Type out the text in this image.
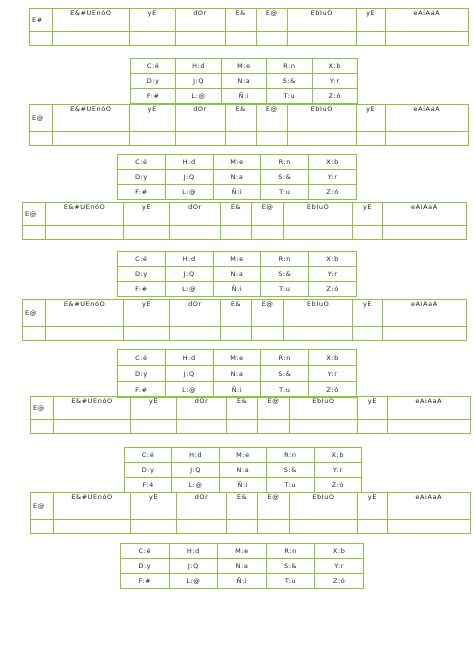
E#	E&#UEnóO	yE	dOr	E&	E@	EbIuO	yE	eAiAaA

C:é	H:d	M:e	R:n	X:b
D:y	J:Q	N:a	S:&	Y:r
F:#	L:@	Ñ:i	T:u	Z:ó
E@	E&#UEnóO	yE	dOr	E&	E@	EbIuO	yE	eAiAaA

C:é	H:d	M:e	R:n	X:b
D:y	J:Q	N:a	S:&	Y:r
F:#	L:@	Ñ:i	T:u	Z:ó
E@	E&#UEnóO	yE	dOr	E&	E@	EbIuO	yE	eAiAaA

C:é	H:d	M:e	R:n	X:b
D:y	J:Q	N:a	S:&	Y:r
F:#	L:@	Ñ:i	T:u	Z:ó
E@	E&#UEnóO	yE	dOr	E&	E@	EbIuO	yE	eAiAaA

C:é	H:d	M:e	R:n	X:b
D:y	J:Q	N:a	S:&	Y:r
F:#	L:@	Ñ:i	T:u	Z:ó
E@	E&#UEnóO	yE	dOr	E&	E@	EbIuO	yE	eAiAaA

C:é	H:d	M:e	R:n	X:b
D:y	J:Q	N:a	S:&	Y:r
F:4	L:@	Ñ:i	T:u	Z:ó
E@	E&#UEnóO	yE	dOr	E&	E@	EbIuO	yE	eAiAaA

C:é	H:d	M:e	R:n	X:b
D:y	J:Q	N:a	S:&	Y:r
F:#	L:@	Ñ:i	T:u	Z:ó
